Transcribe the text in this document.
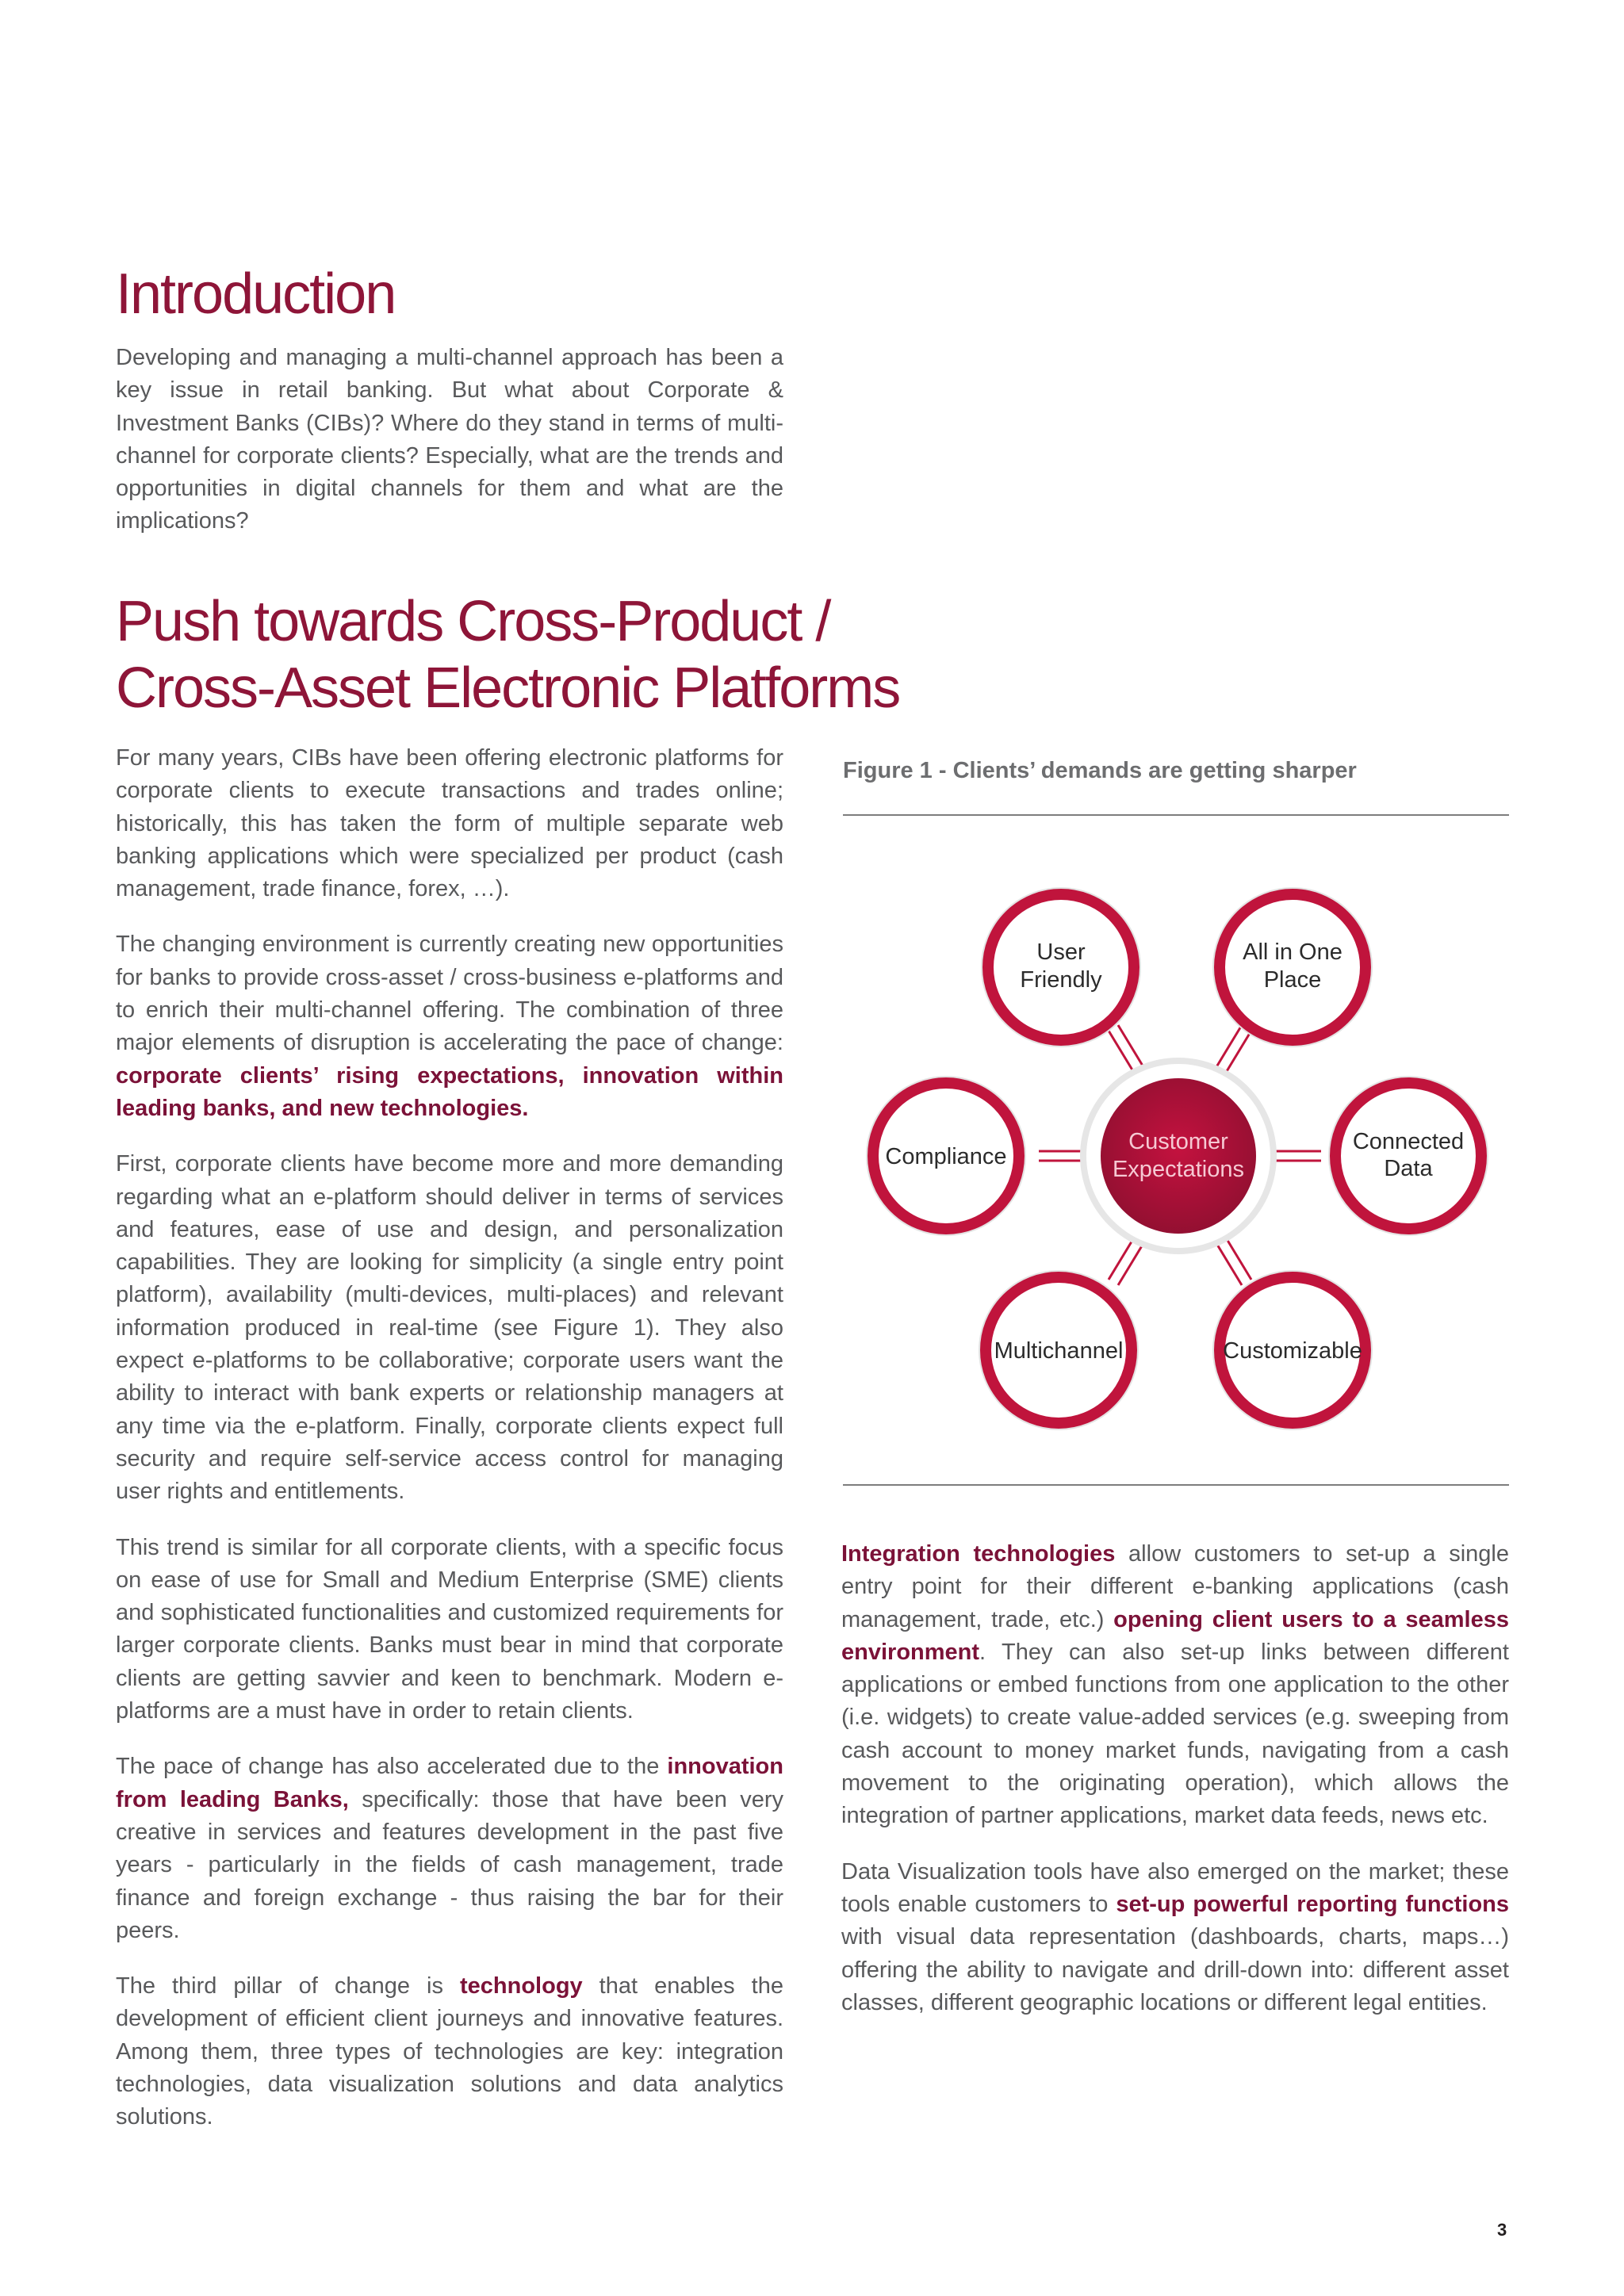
Introduction

Developing and managing a multi-channel approach has been a key issue in retail banking. But what about Corporate & Investment Banks (CIBs)? Where do they stand in terms of multi-channel for corporate clients? Especially, what are the trends and opportunities in digital channels for them and what are the implications?

Push towards Cross-Product /
Cross-Asset Electronic Platforms

For many years, CIBs have been offering electronic platforms for corporate clients to execute transactions and trades online; historically, this has taken the form of multiple separate web banking applications which were specialized per product (cash management, trade finance, forex, …).

The changing environment is currently creating new opportunities for banks to provide cross-asset / cross-business e-platforms and to enrich their multi-channel offering. The combination of three major elements of disruption is accelerating the pace of change: corporate clients’ rising expectations, innovation within leading banks, and new technologies.

First, corporate clients have become more and more demanding regarding what an e-platform should deliver in terms of services and features, ease of use and design, and personalization capabilities. They are looking for simplicity (a single entry point platform), availability (multi-devices, multi-places) and relevant information produced in real-time (see Figure 1). They also expect e-platforms to be collaborative; corporate users want the ability to interact with bank experts or relationship managers at any time via the e-platform. Finally, corporate clients expect full security and require self-service access control for managing user rights and entitlements.

This trend is similar for all corporate clients, with a specific focus on ease of use for Small and Medium Enterprise (SME) clients and sophisticated functionalities and customized requirements for larger corporate clients. Banks must bear in mind that corporate clients are getting savvier and keen to benchmark. Modern e-platforms are a must have in order to retain clients.

The pace of change has also accelerated due to the innovation from leading Banks, specifically: those that have been very creative in services and features development in the past five years - particularly in the fields of cash management, trade finance and foreign exchange - thus raising the bar for their peers.

The third pillar of change is technology that enables the development of efficient client journeys and innovative features. Among them, three types of technologies are key: integration technologies, data visualization solutions and data analytics solutions.

Figure 1 - Clients’ demands are getting sharper
User
Friendly
All in One
Place
Compliance
Connected
Data
Multichannel	Customizable
Customer
Expectations

Integration technologies allow customers to set-up a single entry point for their different e-banking applications (cash management, trade, etc.) opening client users to a seamless environment. They can also set-up links between different applications or embed functions from one application to the other (i.e. widgets) to create value-added services (e.g. sweeping from cash account to money market funds, navigating from a cash movement to the originating operation), which allows the integration of partner applications, market data feeds, news etc.

Data Visualization tools have also emerged on the market; these tools enable customers to set-up powerful reporting functions with visual data representation (dashboards, charts, maps…) offering the ability to navigate and drill-down into: different asset classes, different geographic locations or different legal entities.

3
